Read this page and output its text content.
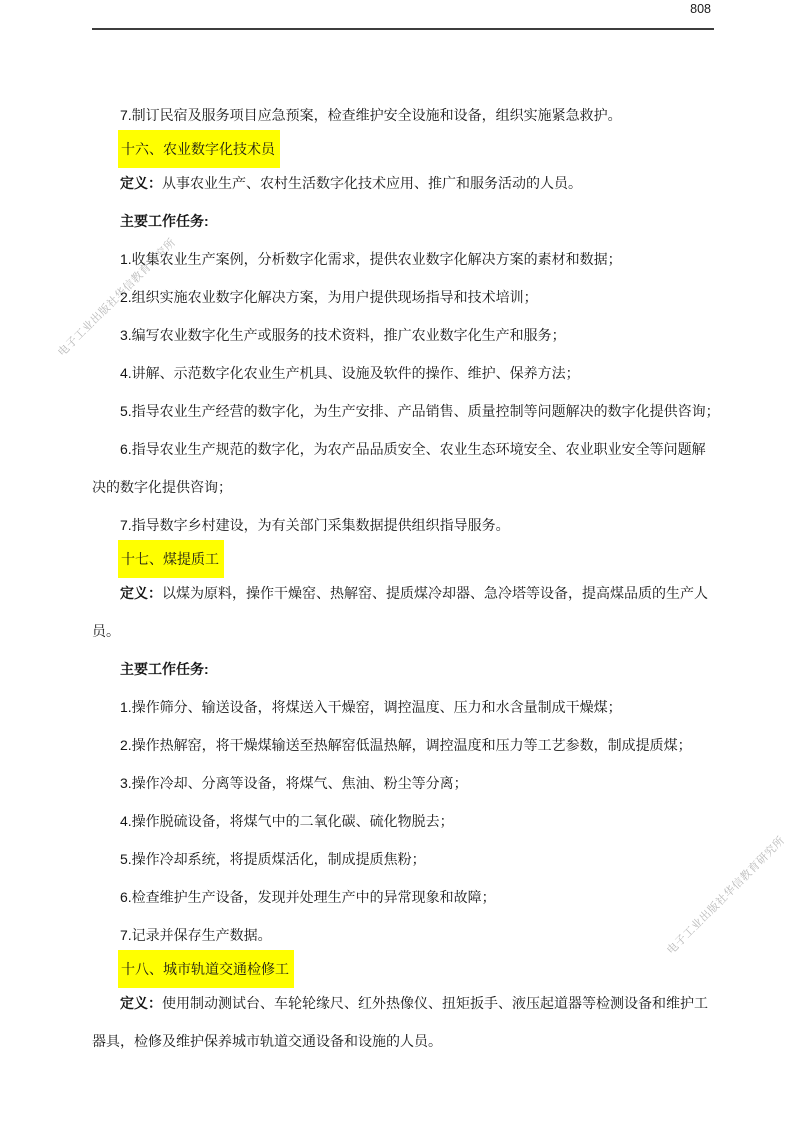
808
电子工业出版社华信教育研究所
电子工业出版社华信教育研究所
7.制订民宿及服务项目应急预案，检查维护安全设施和设备，组织实施紧急救护。
十六、农业数字化技术员
定义： 从事农业生产、农村生活数字化技术应用、推广和服务活动的人员。
主要工作任务:
1.收集农业生产案例，分析数字化需求，提供农业数字化解决方案的素材和数据；
2.组织实施农业数字化解决方案，为用户提供现场指导和技术培训；
3.编写农业数字化生产或服务的技术资料，推广农业数字化生产和服务；
4.讲解、示范数字化农业生产机具、设施及软件的操作、维护、保养方法；
5.指导农业生产经营的数字化，为生产安排、产品销售、质量控制等问题解决的数字化提供咨询；
6.指导农业生产规范的数字化，为农产品品质安全、农业生态环境安全、农业职业安全等问题解
决的数字化提供咨询；
7.指导数字乡村建设，为有关部门采集数据提供组织指导服务。
十七、煤提质工
定义： 以煤为原料，操作干燥窑、热解窑、提质煤冷却器、急冷塔等设备，提高煤品质的生产人
员。
主要工作任务:
1.操作筛分、输送设备，将煤送入干燥窑，调控温度、压力和水含量制成干燥煤；
2.操作热解窑，将干燥煤输送至热解窑低温热解，调控温度和压力等工艺参数，制成提质煤；
3.操作冷却、分离等设备，将煤气、焦油、粉尘等分离；
4.操作脱硫设备，将煤气中的二氧化碳、硫化物脱去；
5.操作冷却系统，将提质煤活化，制成提质焦粉；
6.检查维护生产设备，发现并处理生产中的异常现象和故障；
7.记录并保存生产数据。
十八、城市轨道交通检修工
定义： 使用制动测试台、车轮轮缘尺、红外热像仪、扭矩扳手、液压起道器等检测设备和维护工
器具，检修及维护保养城市轨道交通设备和设施的人员。
